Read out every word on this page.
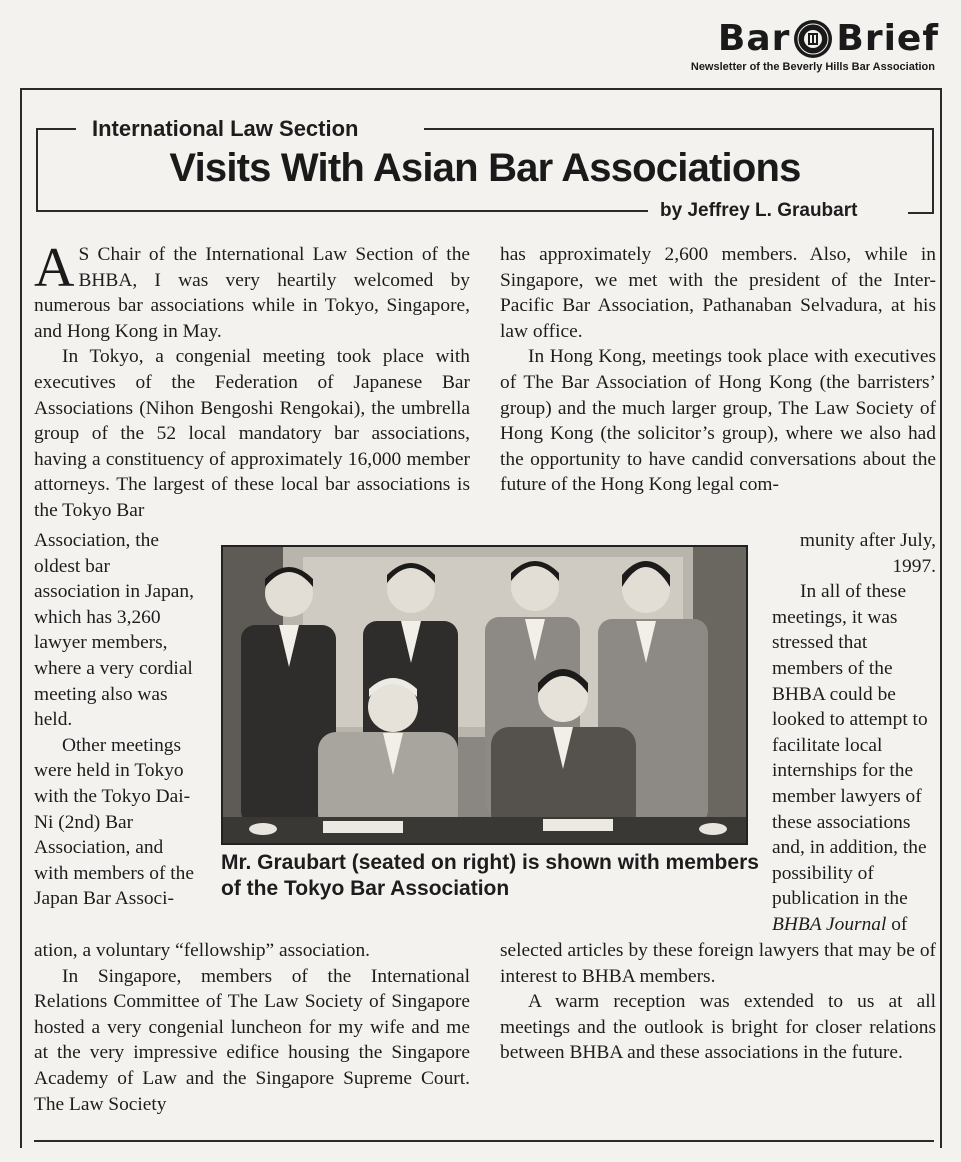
Bar Brief
Newsletter of the Beverly Hills Bar Association
International Law Section
Visits With Asian Bar Associations
by Jeffrey L. Graubart

A S Chair of the International Law Section of the BHBA, I was very heartily welcomed by numerous bar associations while in Tokyo, Singapore, and Hong Kong in May.

In Tokyo, a congenial meeting took place with executives of the Federation of Japanese Bar Associations (Nihon Bengoshi Rengokai), the umbrella group of the 52 local mandatory bar associations, having a constituency of approximately 16,000 member attorneys. The largest of these local bar associations is the Tokyo Bar

Association, the oldest bar association in Japan, which has 3,260 lawyer members, where a very cordial meeting also was held.

Other meetings were held in Tokyo with the Tokyo Dai-Ni (2nd) Bar Association, and with members of the Japan Bar Associ-

ation, a voluntary “fellowship” association.

In Singapore, members of the International Relations Committee of The Law Society of Singapore hosted a very congenial luncheon for my wife and me at the very impressive edifice housing the Singapore Academy of Law and the Singapore Supreme Court. The Law Society

has approximately 2,600 members. Also, while in Singapore, we met with the president of the Inter-Pacific Bar Association, Pathanaban Selvadura, at his law office.

In Hong Kong, meetings took place with executives of The Bar Association of Hong Kong (the barristers’ group) and the much larger group, The Law Society of Hong Kong (the solicitor’s group), where we also had the opportunity to have candid conversations about the future of the Hong Kong legal com-

munity after July, 1997.

In all of these meetings, it was stressed that members of the BHBA could be looked to attempt to facilitate local internships for the member lawyers of these associations and, in addition, the possibility of publication in the BHBA Journal of

selected articles by these foreign lawyers that may be of interest to BHBA members.

A warm reception was extended to us at all meetings and the outlook is bright for closer relations between BHBA and these associations in the future.

Mr. Graubart (seated on right) is shown with members of the Tokyo Bar Association
